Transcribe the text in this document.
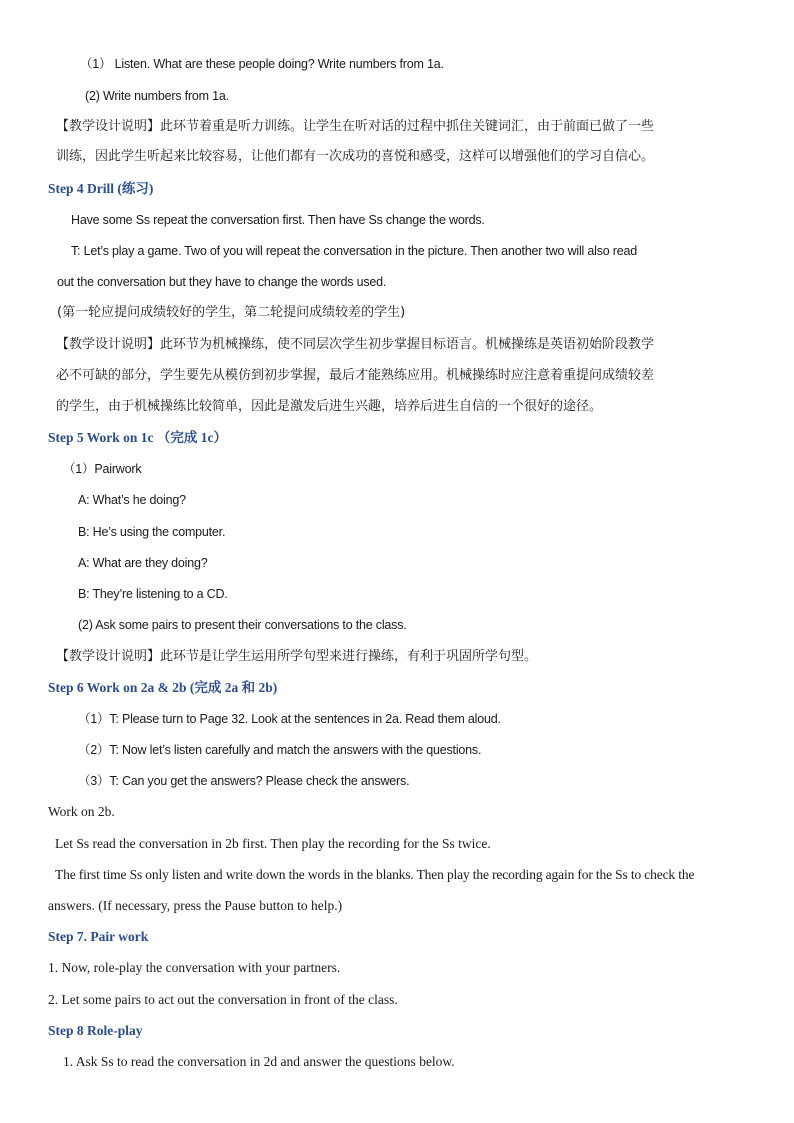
（1） Listen. What are these people doing? Write numbers from 1a.
(2) Write numbers from 1a.
【教学设计说明】此环节着重是听力训练。让学生在听对话的过程中抓住关键词汇，由于前面已做了一些
训练，因此学生听起来比较容易，让他们都有一次成功的喜悦和感受，这样可以增强他们的学习自信心。
Step 4 Drill (练习)
Have some Ss repeat the conversation first. Then have Ss change the words.
T: Let’s play a game. Two of you will repeat the conversation in the picture. Then another two will also read
out the conversation but they have to change the words used.
(第一轮应提问成绩较好的学生，第二轮提问成绩较差的学生)
【教学设计说明】此环节为机械操练，使不同层次学生初步掌握目标语言。机械操练是英语初始阶段教学
必不可缺的部分，学生要先从模仿到初步掌握，最后才能熟练应用。机械操练时应注意着重提问成绩较差
的学生，由于机械操练比较简单，因此是激发后进生兴趣，培养后进生自信的一个很好的途径。
Step 5 Work on 1c （完成 1c）
（1）Pairwork
A: What’s he doing?
B: He’s using the computer.
A: What are they doing?
B: They’re listening to a CD.
(2) Ask some pairs to present their conversations to the class.
【教学设计说明】此环节是让学生运用所学句型来进行操练，有利于巩固所学句型。
Step 6 Work on 2a & 2b (完成 2a 和 2b)
（1）T: Please turn to Page 32. Look at the sentences in 2a. Read them aloud.
（2）T: Now let’s listen carefully and match the answers with the questions.
（3）T: Can you get the answers? Please check the answers.
Work on 2b.
Let Ss read the conversation in 2b first. Then play the recording for the Ss twice.
The first time Ss only listen and write down the words in the blanks. Then play the recording again for the Ss to check the
answers. (If necessary, press the Pause button to help.)
Step 7. Pair work
1. Now, role-play the conversation with your partners.
2. Let some pairs to act out the conversation in front of the class.
Step 8 Role-play
1. Ask Ss to read the conversation in 2d and answer the questions below.
